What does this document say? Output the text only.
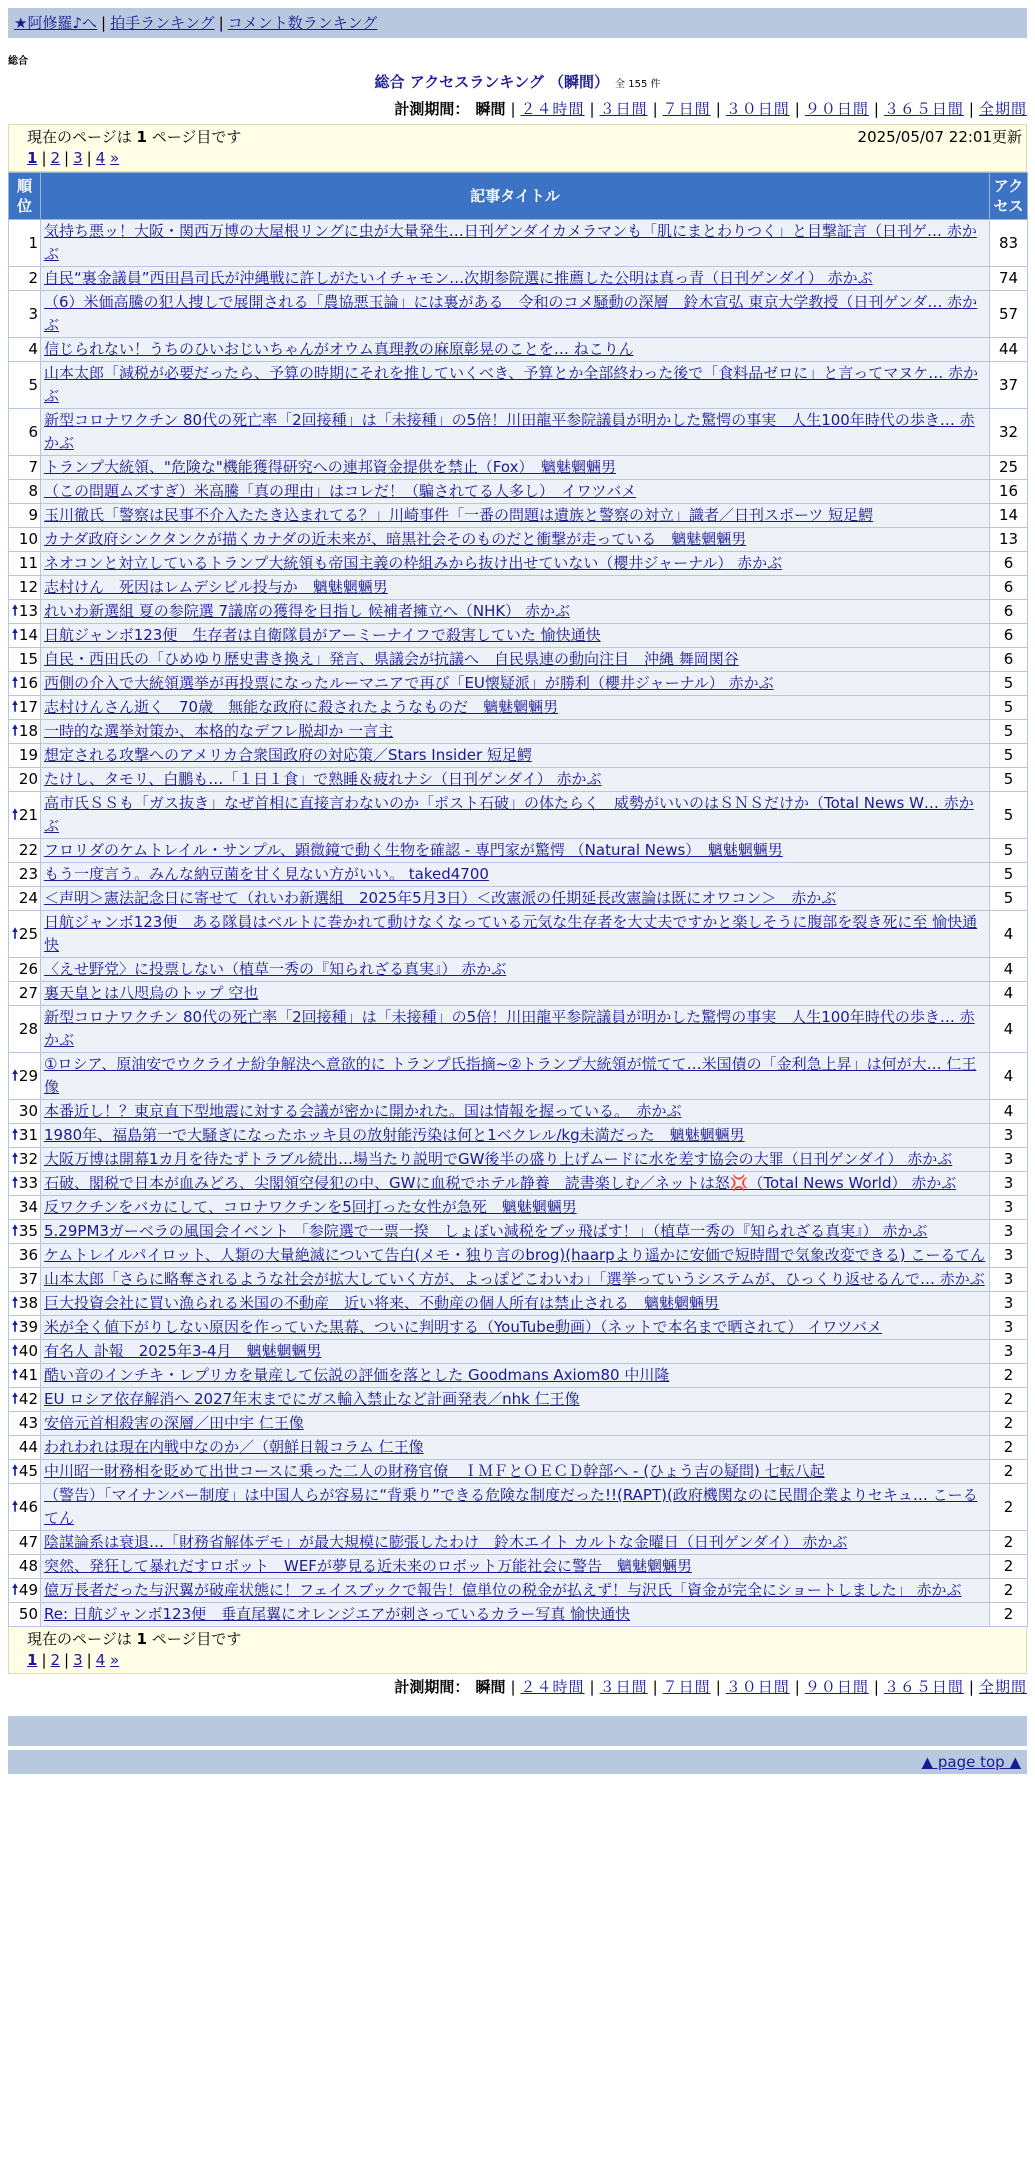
★阿修羅♪へ | 拍手ランキング | コメント数ランキング
総合
総合 アクセスランキング （瞬間） 全 155 件
計測期間： 瞬間 | ２４時間 | ３日間 | ７日間 | ３０日間 | ９０日間 | ３６５日間 | 全期間
2025/05/07 22:01更新
現在のページは 1 ページ目です
1 | 2 | 3 | 4 »
順位	記事タイトル	アクセス
1	気持ち悪ッ！大阪・関西万博の大屋根リングに虫が大量発生…日刊ゲンダイカメラマンも「肌にまとわりつく」と目撃証言（日刊ゲ… 赤かぶ	83
2	自民“裏金議員”西田昌司氏が沖縄戦に許しがたいイチャモン…次期参院選に推薦した公明は真っ青（日刊ゲンダイ） 赤かぶ	74
3	（6）米価高騰の犯人捜しで展開される「農協悪玉論」には裏がある　令和のコメ騒動の深層　鈴木宣弘 東京大学教授（日刊ゲンダ… 赤かぶ	57
4	信じられない！うちのひいおじいちゃんがオウム真理教の麻原彰晃のことを… ねこりん	44
5	山本太郎「減税が必要だったら、予算の時期にそれを推していくべき、予算とか全部終わった後で「食料品ゼロに」と言ってマヌケ… 赤かぶ	37
6	新型コロナワクチン 80代の死亡率「2回接種」は「未接種」の5倍！川田龍平参院議員が明かした驚愕の事実　人生100年時代の歩き… 赤かぶ	32
7	トランプ大統領、"危険な"機能獲得研究への連邦資金提供を禁止（Fox）　魑魅魍魎男	25
8	（この問題ムズすぎ）米高騰「真の理由」はコレだ！（騙されてる人多し）　イワツバメ	16
9	玉川徹氏「警察は民事不介入たたき込まれてる？」川崎事件「一番の問題は遺族と警察の対立」識者／日刊スポーツ 短足鰐	14
10	カナダ政府シンクタンクが描くカナダの近未来が、暗黒社会そのものだと衝撃が走っている　魑魅魍魎男	13
11	ネオコンと対立しているトランプ大統領も帝国主義の枠組みから抜け出せていない（櫻井ジャーナル） 赤かぶ	6
12	志村けん　死因はレムデシビル投与か　魑魅魍魎男	6

🠕 13	れいわ新選組 夏の参院選 7議席の獲得を目指し 候補者擁立へ（NHK） 赤かぶ	6

🠕 14	日航ジャンボ123便　生存者は自衛隊員がアーミーナイフで殺害していた 愉快通快	6
15	自民・西田氏の「ひめゆり歴史書き換え」発言、県議会が抗議へ　自民県連の動向注目　沖縄 舞岡関谷	6

🠕 16	西側の介入で大統領選挙が再投票になったルーマニアで再び「EU懐疑派」が勝利（櫻井ジャーナル） 赤かぶ	5

🠕 17	志村けんさん逝く　70歳　無能な政府に殺されたようなものだ　魑魅魍魎男	5

🠕 18	一時的な選挙対策か、本格的なデフレ脱却か 一言主	5
19	想定される攻撃へのアメリカ合衆国政府の対応策／Stars Insider 短足鰐	5
20	たけし、タモリ、白鵬も…「１日１食」で熟睡＆疲れナシ（日刊ゲンダイ） 赤かぶ	5

🠕 21	高市氏ＳＳも「ガス抜き」なぜ首相に直接言わないのか「ポスト石破」の体たらく　威勢がいいのはＳＮＳだけか（Total News W… 赤かぶ	5
22	フロリダのケムトレイル・サンプル、顕微鏡で動く生物を確認 - 専門家が驚愕 （Natural News）　魑魅魍魎男	5
23	もう一度言う。みんな納豆菌を甘く見ない方がいい。 taked4700	5
24	＜声明＞憲法記念日に寄せて（れいわ新選組　2025年5月3日）＜改憲派の任期延長改憲論は既にオワコン＞　赤かぶ	5

🠕 25	日航ジャンボ123便　ある隊員はベルトに巻かれて動けなくなっている元気な生存者を大丈夫ですかと楽しそうに腹部を裂き死に至 愉快通快	4
26	〈えせ野党〉に投票しない（植草一秀の『知られざる真実』） 赤かぶ	4
27	裏天皇とは八咫烏のトップ 空也	4
28	新型コロナワクチン 80代の死亡率「2回接種」は「未接種」の5倍！川田龍平参院議員が明かした驚愕の事実　人生100年時代の歩き… 赤かぶ	4

🠕 29	①ロシア、原油安でウクライナ紛争解決へ意欲的に トランプ氏指摘~②トランプ大統領が慌てて…米国債の「金利急上昇」は何が大… 仁王像	4
30	本番近し！？東京直下型地震に対する会議が密かに開かれた。国は情報を握っている。　赤かぶ	4

🠕 31	1980年、福島第一で大騒ぎになったホッキ貝の放射能汚染は何と1ベクレル/kg未満だった　魑魅魍魎男	3

🠕 32	大阪万博は開幕1カ月を待たずトラブル続出…場当たり説明でGW後半の盛り上げムードに水を差す協会の大罪（日刊ゲンダイ） 赤かぶ	3

🠕 33	石破、閣税で日本が血みどろ、尖閣領空侵犯の中、GWに血税でホテル静養　読書楽しむ／ネットは怒💢（Total News World） 赤かぶ	3
34	反ワクチンをバカにして、コロナワクチンを5回打った女性が急死　魑魅魍魎男	3

🠕 35	5.29PM3ガーベラの風国会イベント 「参院選で一票一揆　しょぼい減税をブッ飛ばす！」（植草一秀の『知られざる真実』） 赤かぶ	3
36	ケムトレイルパイロット、人類の大量絶滅について告白(メモ・独り言のbrog)(haarpより遥かに安価で短時間で気象改変できる) こーるてん	3
37	山本太郎「さらに略奪されるような社会が拡大していく方が、よっぽどこわいわ」「選挙っていうシステムが、ひっくり返せるんで… 赤かぶ	3

🠕 38	巨大投資会社に買い漁られる米国の不動産　近い将来、不動産の個人所有は禁止される　魑魅魍魎男	3

🠕 39	米が全く値下がりしない原因を作っていた黒幕、ついに判明する（YouTube動画）（ネットで本名まで晒されて） イワツバメ	3

🠕 40	有名人 訃報　2025年3-4月　魑魅魍魎男	3

🠕 41	酷い音のインチキ・レプリカを量産して伝説の評価を落とした Goodmans Axiom80 中川隆	2

🠕 42	EU ロシア依存解消へ 2027年末までにガス輸入禁止など計画発表／nhk 仁王像	2
43	安倍元首相殺害の深層／田中宇 仁王像	2
44	われわれは現在内戦中なのか／（朝鮮日報コラム 仁王像	2

🠕 45	中川昭一財務相を貶めて出世コースに乗った二人の財務官僚　ＩＭＦとＯＥＣＤ幹部へ - (ひょう吉の疑問) 七転八起	2

🠕 46	（警告）「マイナンバー制度」は中国人らが容易に“背乗り”できる危険な制度だった!!(RAPT)(政府機関なのに民間企業よりセキュ… こーるてん	2
47	陰謀論系は衰退…「財務省解体デモ」が最大規模に膨張したわけ　鈴木エイト カルトな金曜日（日刊ゲンダイ） 赤かぶ	2
48	突然、発狂して暴れだすロボット　WEFが夢見る近未来のロボット万能社会に警告　魑魅魍魎男	2

🠕 49	億万長者だった与沢翼が破産状態に！フェイスブックで報告！億単位の税金が払えず！与沢氏「資金が完全にショートしました」 赤かぶ	2
50	Re: 日航ジャンボ123便　垂直尾翼にオレンジエアが刺さっているカラー写真 愉快通快	2
現在のページは 1 ページ目です
1 | 2 | 3 | 4 »
計測期間： 瞬間 | ２４時間 | ３日間 | ７日間 | ３０日間 | ９０日間 | ３６５日間 | 全期間
▲ page top ▲
